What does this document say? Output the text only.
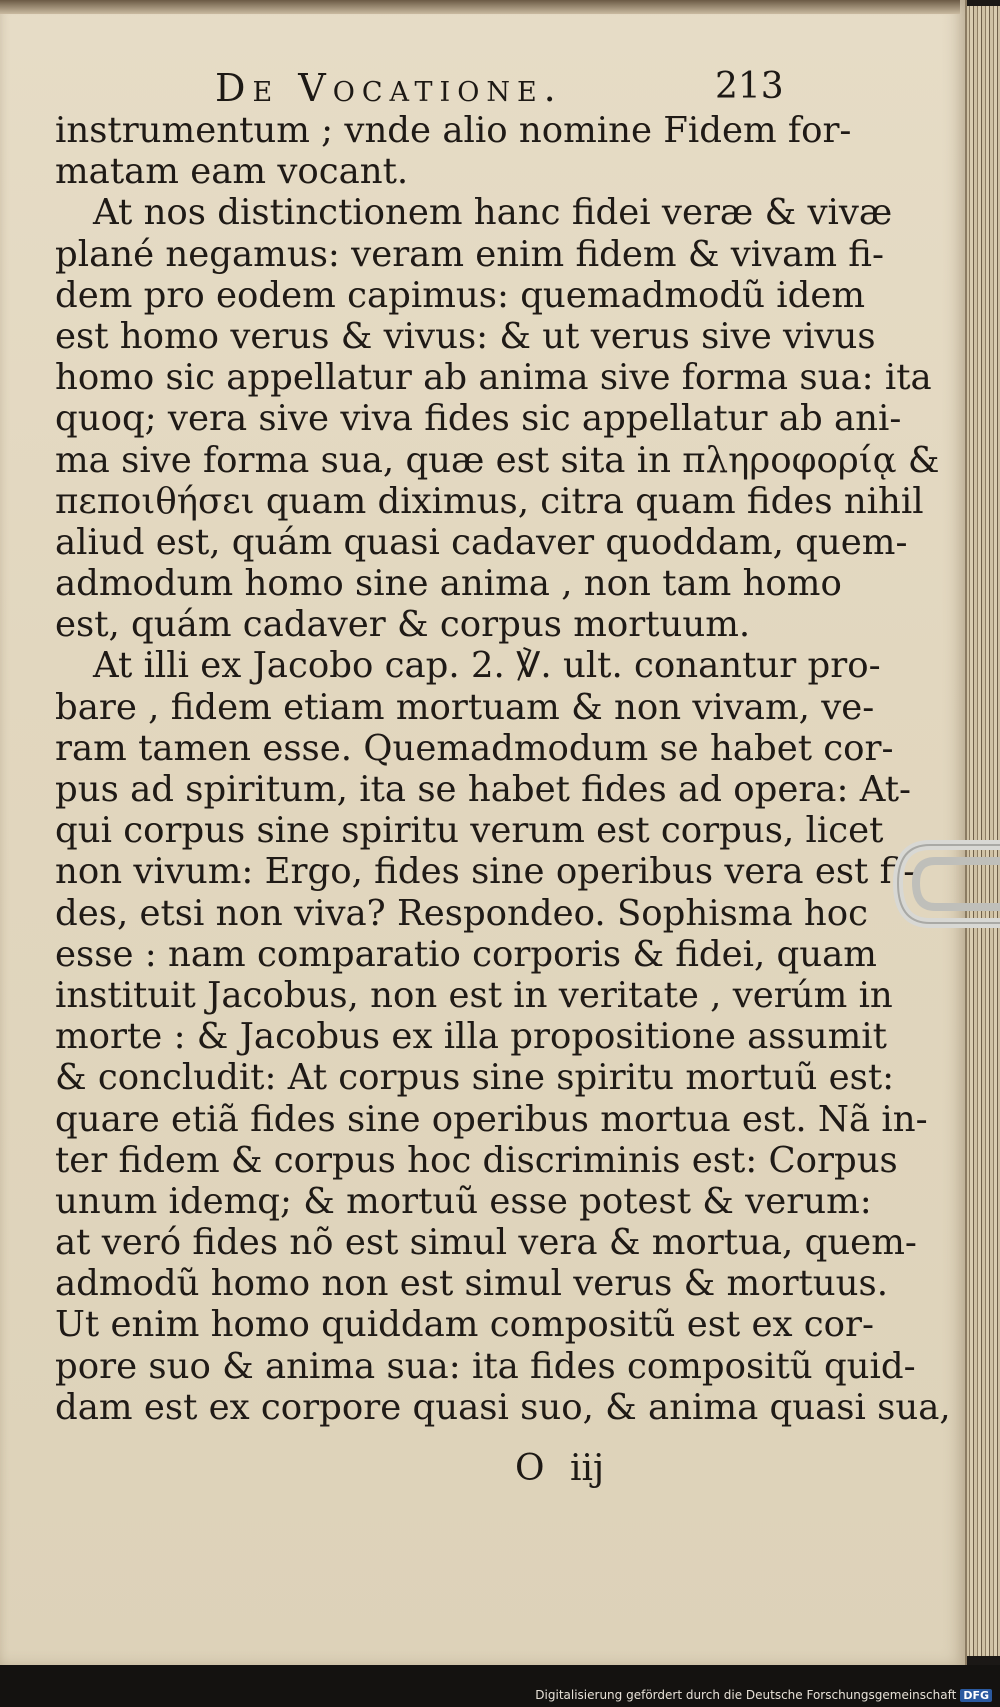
De Vocatione.	213
instrumentum ; vnde alio nomine Fidem for-
matam eam vocant.
At nos distinctionem hanc fidei veræ & vivæ
plané negamus: veram enim fidem & vivam fi-
dem pro eodem capimus: quemadmodũ idem
est homo verus & vivus: & ut verus sive vivus
homo sic appellatur ab anima sive forma sua: ita
quoq; vera sive viva fides sic appellatur ab ani-
ma sive forma sua, quæ est sita in πληροφορίᾳ &
πεποιθήσει quam diximus, citra quam fides nihil
aliud est, quám quasi cadaver quoddam, quem-
admodum homo sine anima , non tam homo
est, quám cadaver & corpus mortuum.
At illi ex Jacobo cap. 2. ℣. ult. conantur pro-
bare , fidem etiam mortuam & non vivam, ve-
ram tamen esse. Quemadmodum se habet cor-
pus ad spiritum, ita se habet fides ad opera: At-
qui corpus sine spiritu verum est corpus, licet
non vivum: Ergo, fides sine operibus vera est fi-
des, etsi non viva? Respondeo. Sophisma hoc
esse : nam comparatio corporis & fidei, quam
instituit Jacobus, non est in veritate , verúm in
morte : & Jacobus ex illa propositione assumit
& concludit: At corpus sine spiritu mortuũ est:
quare etiã fides sine operibus mortua est. Nã in-
ter fidem & corpus hoc discriminis est: Corpus
unum idemq; & mortuũ esse potest & verum:
at veró fides nõ est simul vera & mortua, quem-
admodũ homo non est simul verus & mortuus.
Ut enim homo quiddam compositũ est ex cor-
pore suo & anima sua: ita fides compositũ quid-
dam est ex corpore quasi suo, & anima quasi sua,
O iij
Digitalisierung gefördert durch die Deutsche Forschungsgemeinschaft DFG
